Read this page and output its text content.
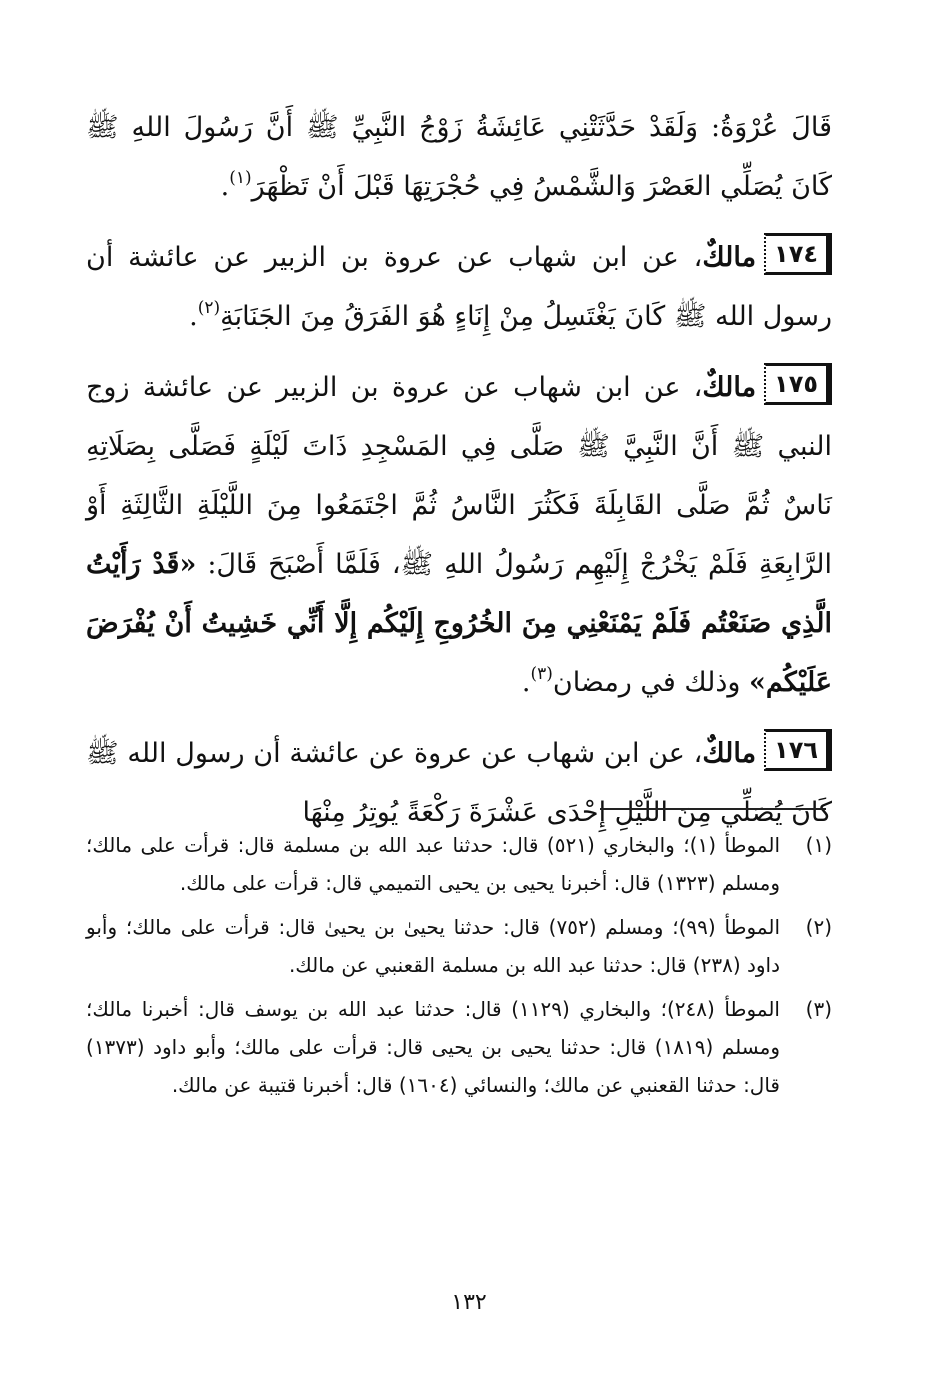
قَالَ عُرْوَةُ: وَلَقَدْ حَدَّثَتْنِي عَائِشَةُ زَوْجُ النَّبِيِّ ﷺ أَنَّ رَسُولَ اللهِ ﷺ كَانَ يُصَلِّي العَصْرَ وَالشَّمْسُ فِي حُجْرَتِهَا قَبْلَ أَنْ تَظْهَرَ$^{(١)}$.

١٧٤مالكٌ، عن ابن شهاب عن عروة بن الزبير عن عائشة أن رسول الله ﷺ كَانَ يَغْتَسِلُ مِنْ إِنَاءٍ هُوَ الفَرَقُ مِنَ الجَنَابَةِ$^{(٢)}$.

١٧٥مالكٌ، عن ابن شهاب عن عروة بن الزبير عن عائشة زوج النبي ﷺ أَنَّ النَّبِيَّ ﷺ صَلَّى فِي المَسْجِدِ ذَاتَ لَيْلَةٍ فَصَلَّى بِصَلَاتِهِ نَاسٌ ثُمَّ صَلَّى القَابِلَةَ فَكَثُرَ النَّاسُ ثُمَّ اجْتَمَعُوا مِنَ اللَّيْلَةِ الثَّالِثَةِ أَوْ الرَّابِعَةِ فَلَمْ يَخْرُجْ إِلَيْهِم رَسُولُ اللهِ ﷺ، فَلَمَّا أَصْبَحَ قَالَ: «قَدْ رَأَيْتُ الَّذِي صَنَعْتُم فَلَمْ يَمْنَعْنِي مِنَ الخُرُوجِ إِلَيْكُم إِلَّا أَنِّي خَشِيتُ أَنْ يُفْرَضَ عَلَيْكُم» وذلك في رمضان$^{(٣)}$.

١٧٦مالكٌ، عن ابن شهاب عن عروة عن عائشة أن رسول الله ﷺ كَانَ يُصَلِّي مِنَ اللَّيْلِ إِحْدَى عَشْرَةَ رَكْعَةً يُوتِرُ مِنْهَا

(١)
الموطأ (١)؛ والبخاري (٥٢١) قال: حدثنا عبد الله بن مسلمة قال: قرأت على مالك؛ ومسلم (١٣٢٣) قال: أخبرنا يحيى بن يحيى التميمي قال: قرأت على مالك.
(٢)
الموطأ (٩٩)؛ ومسلم (٧٥٢) قال: حدثنا يحيىٰ بن يحيىٰ قال: قرأت على مالك؛ وأبو داود (٢٣٨) قال: حدثنا عبد الله بن مسلمة القعنبي عن مالك.
(٣)
الموطأ (٢٤٨)؛ والبخاري (١١٢٩) قال: حدثنا عبد الله بن يوسف قال: أخبرنا مالك؛ ومسلم (١٨١٩) قال: حدثنا يحيى بن يحيى قال: قرأت على مالك؛ وأبو داود (١٣٧٣) قال: حدثنا القعنبي عن مالك؛ والنسائي (١٦٠٤) قال: أخبرنا قتيبة عن مالك.
١٣٢
